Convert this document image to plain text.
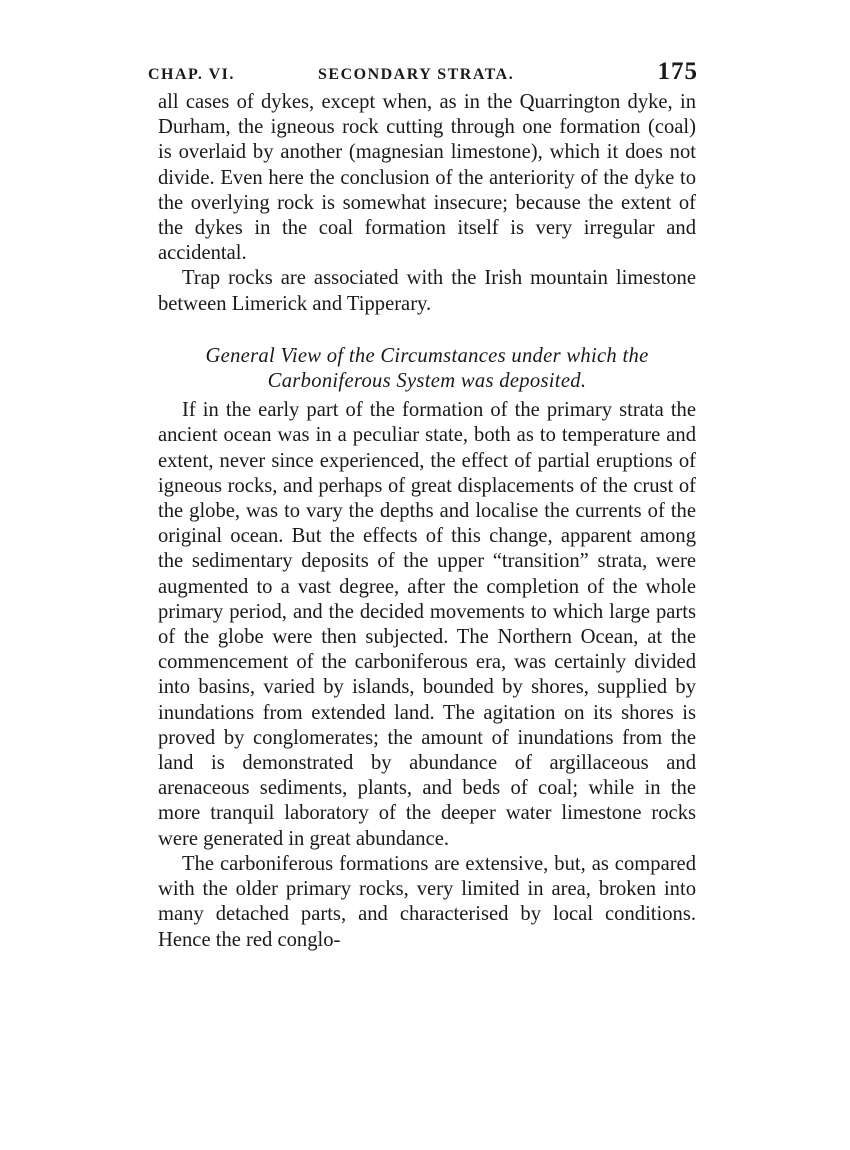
CHAP. VI.	SECONDARY STRATA.	175

all cases of dykes, except when, as in the Quarrington dyke, in Durham, the igneous rock cutting through one formation (coal) is overlaid by another (magnesian limestone), which it does not divide. Even here the conclusion of the anteriority of the dyke to the overlying rock is somewhat insecure; because the extent of the dykes in the coal formation itself is very irregular and accidental.

Trap rocks are associated with the Irish mountain limestone between Limerick and Tipperary.

General View of the Circumstances under which the
Carboniferous System was deposited.

If in the early part of the formation of the primary strata the ancient ocean was in a peculiar state, both as to temperature and extent, never since experienced, the effect of partial eruptions of igneous rocks, and perhaps of great displacements of the crust of the globe, was to vary the depths and localise the currents of the original ocean. But the effects of this change, apparent among the sedimentary deposits of the upper “transition” strata, were augmented to a vast degree, after the completion of the whole primary period, and the decided movements to which large parts of the globe were then subjected. The Northern Ocean, at the commencement of the carboniferous era, was certainly divided into basins, varied by islands, bounded by shores, supplied by inundations from extended land. The agitation on its shores is proved by conglomerates; the amount of inundations from the land is demonstrated by abundance of argillaceous and arenaceous sediments, plants, and beds of coal; while in the more tranquil laboratory of the deeper water limestone rocks were generated in great abundance.

The carboniferous formations are extensive, but, as compared with the older primary rocks, very limited in area, broken into many detached parts, and characterised by local conditions. Hence the red conglo-
